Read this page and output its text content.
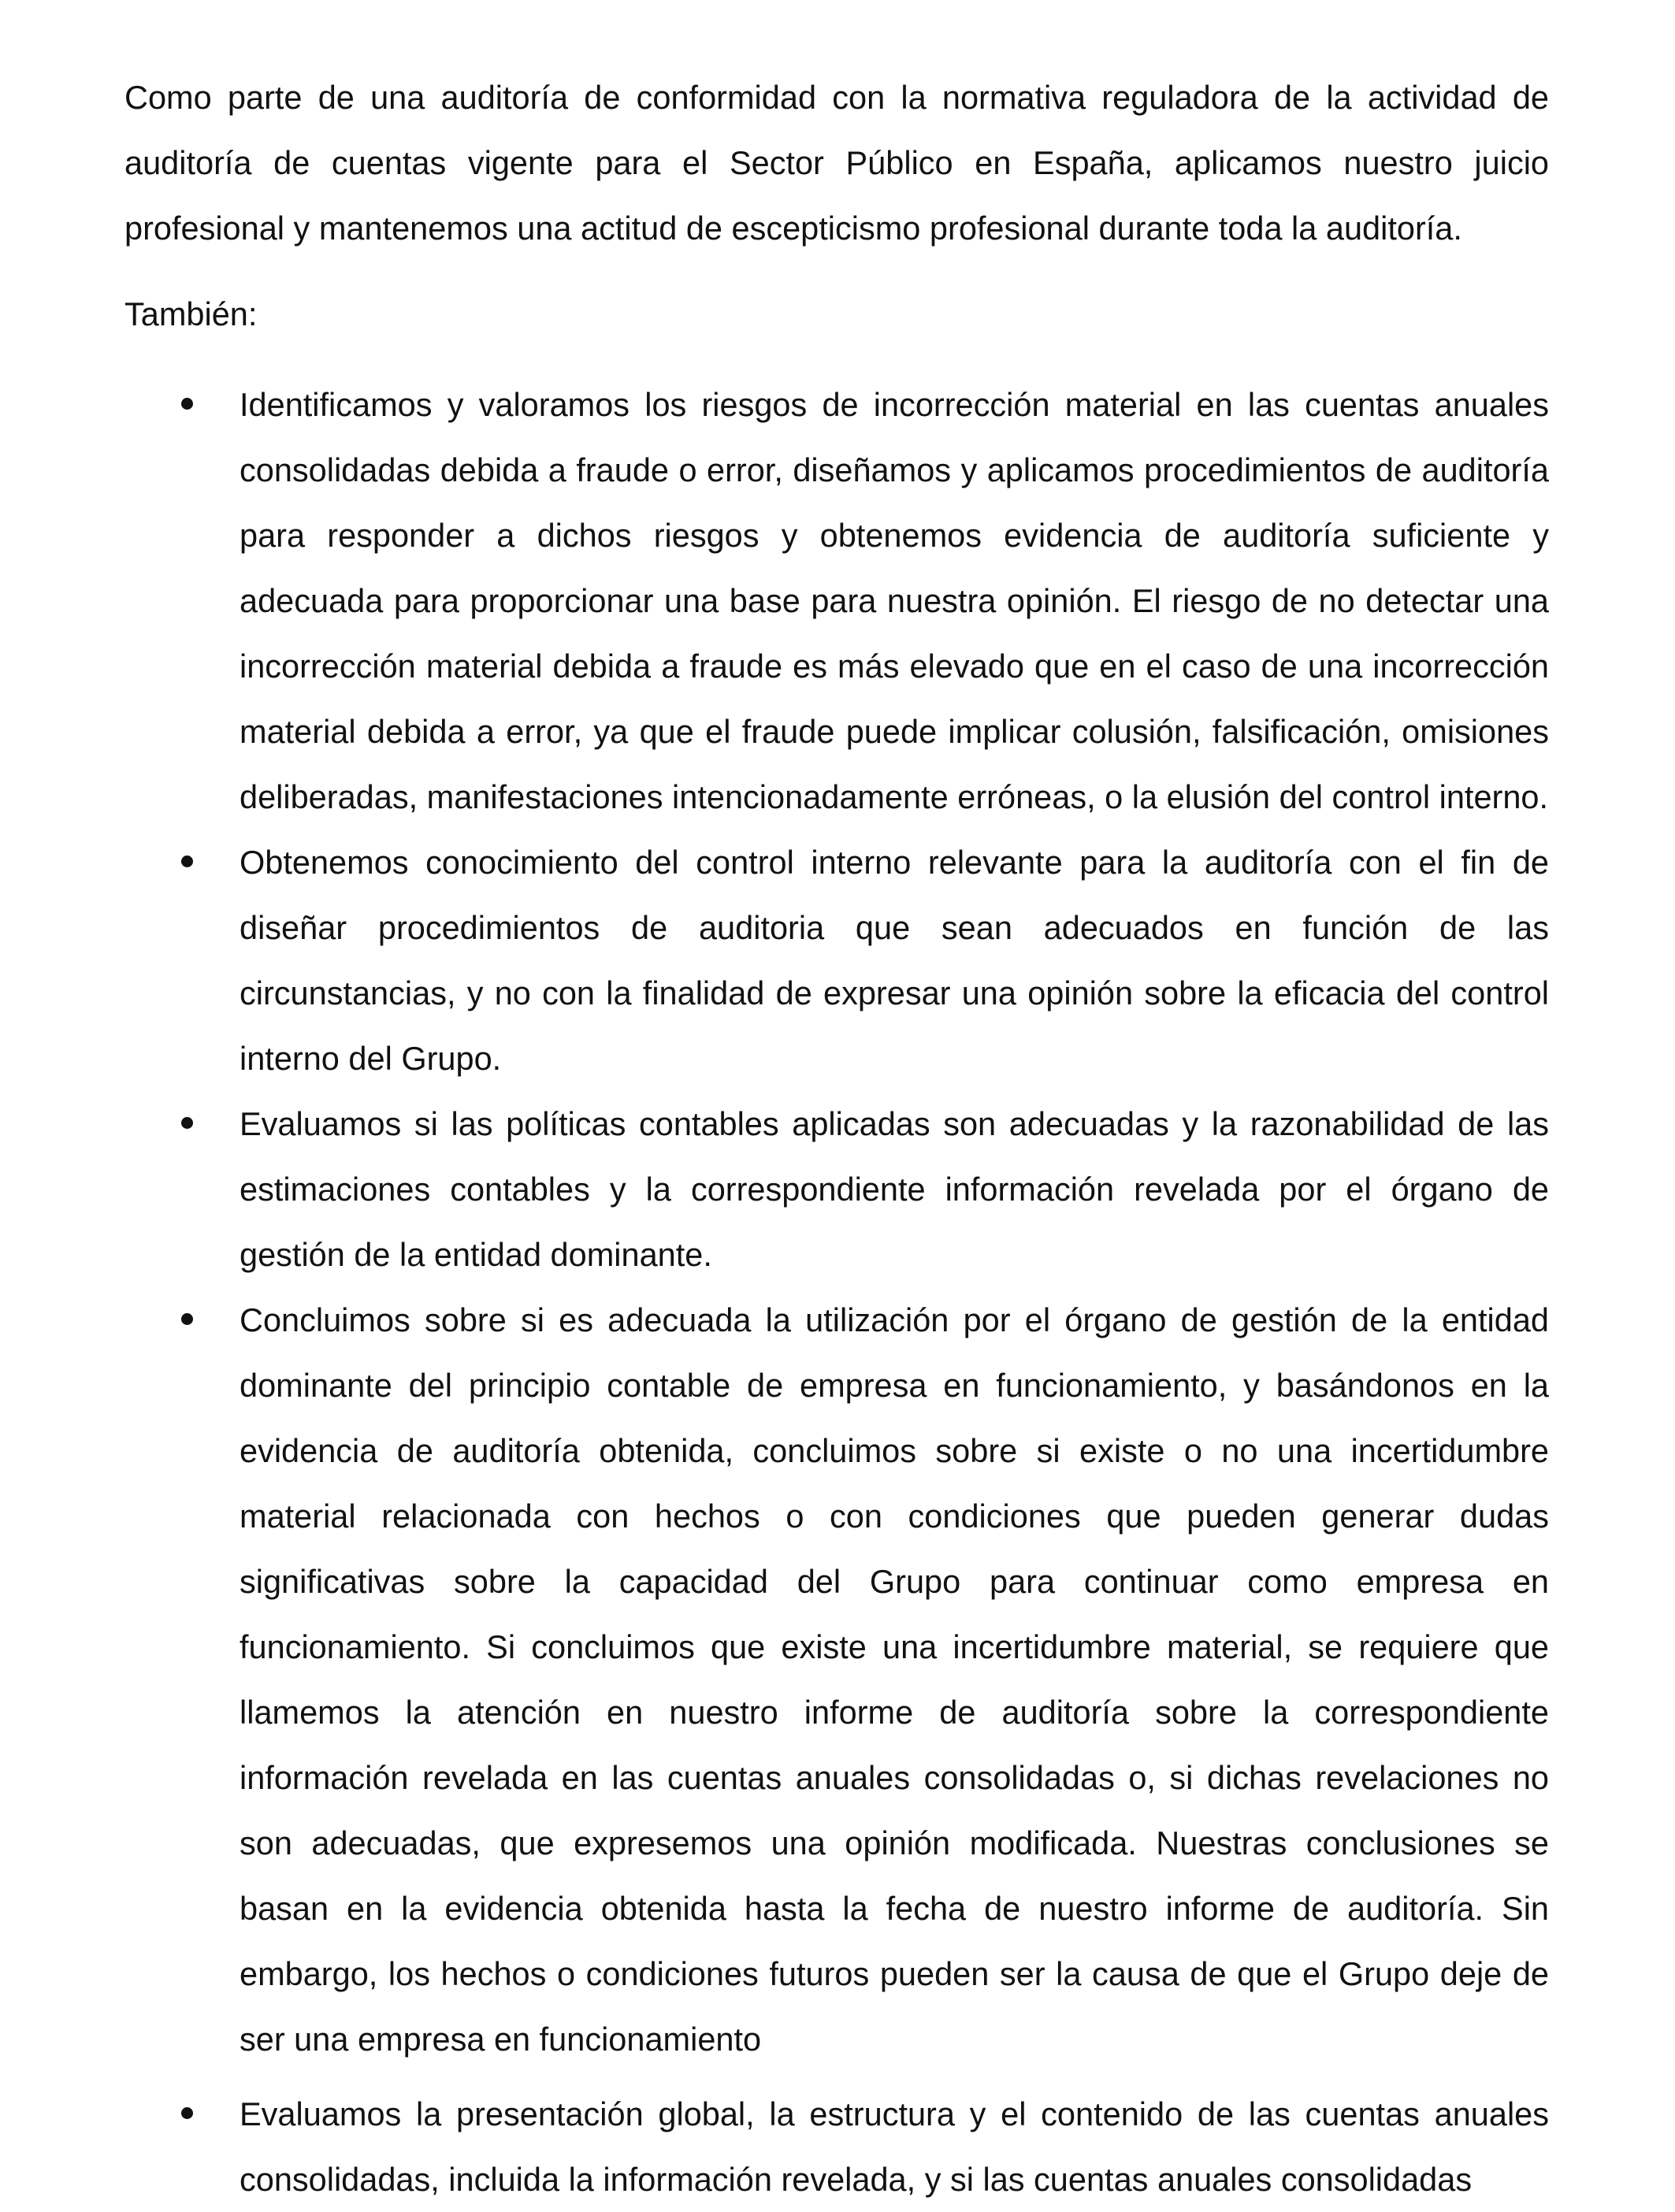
Como parte de una auditoría de conformidad con la normativa reguladora de la actividad de auditoría de cuentas vigente para el Sector Público en España, aplicamos nuestro juicio profesional y mantenemos una actitud de escepticismo profesional durante toda la auditoría.

También:

Identificamos y valoramos los riesgos de incorrección material en las cuentas anuales consolidadas debida a fraude o error, diseñamos y aplicamos procedimientos de auditoría para responder a dichos riesgos y obtenemos evidencia de auditoría suficiente y adecuada para proporcionar una base para nuestra opinión. El riesgo de no detectar una incorrección material debida a fraude es más elevado que en el caso de una incorrección material debida a error, ya que el fraude puede implicar colusión, falsificación, omisiones deliberadas, manifestaciones intencionadamente erróneas, o la elusión del control interno.
Obtenemos conocimiento del control interno relevante para la auditoría con el fin de diseñar procedimientos de auditoria que sean adecuados en función de las circunstancias, y no con la finalidad de expresar una opinión sobre la eficacia del control interno del Grupo.
Evaluamos si las políticas contables aplicadas son adecuadas y la razonabilidad de las estimaciones contables y la correspondiente información revelada por el órgano de gestión de la entidad dominante.
Concluimos sobre si es adecuada la utilización por el órgano de gestión de la entidad dominante del principio contable de empresa en funcionamiento, y basándonos en la evidencia de auditoría obtenida, concluimos sobre si existe o no una incertidumbre material relacionada con hechos o con condiciones que pueden generar dudas significativas sobre la capacidad del Grupo para continuar como empresa en funcionamiento. Si concluimos que existe una incertidumbre material, se requiere que llamemos la atención en nuestro informe de auditoría sobre la correspondiente información revelada en las cuentas anuales consolidadas o, si dichas revelaciones no son adecuadas, que expresemos una opinión modificada. Nuestras conclusiones se basan en la evidencia obtenida hasta la fecha de nuestro informe de auditoría. Sin embargo, los hechos o condiciones futuros pueden ser la causa de que el Grupo deje de ser una empresa en funcionamiento
Evaluamos la presentación global, la estructura y el contenido de las cuentas anuales consolidadas, incluida la información revelada, y si las cuentas anuales consolidadas
